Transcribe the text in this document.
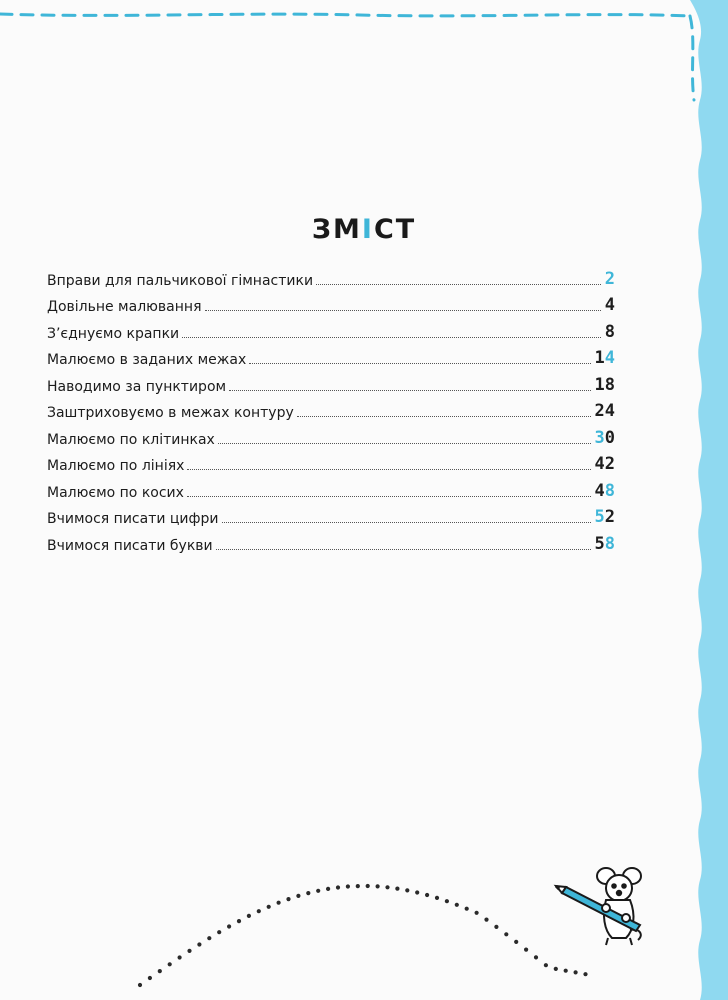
ЗМІСТ
Вправи для пальчикової гімнастики	2
Довільне малювання	4
З’єднуємо крапки	8
Малюємо в заданих межах	14
Наводимо за пунктиром	18
Заштриховуємо в межах контуру	24
Малюємо по клітинках	30
Малюємо по лініях	42
Малюємо по косих	48
Вчимося писати цифри	52
Вчимося писати букви	58
